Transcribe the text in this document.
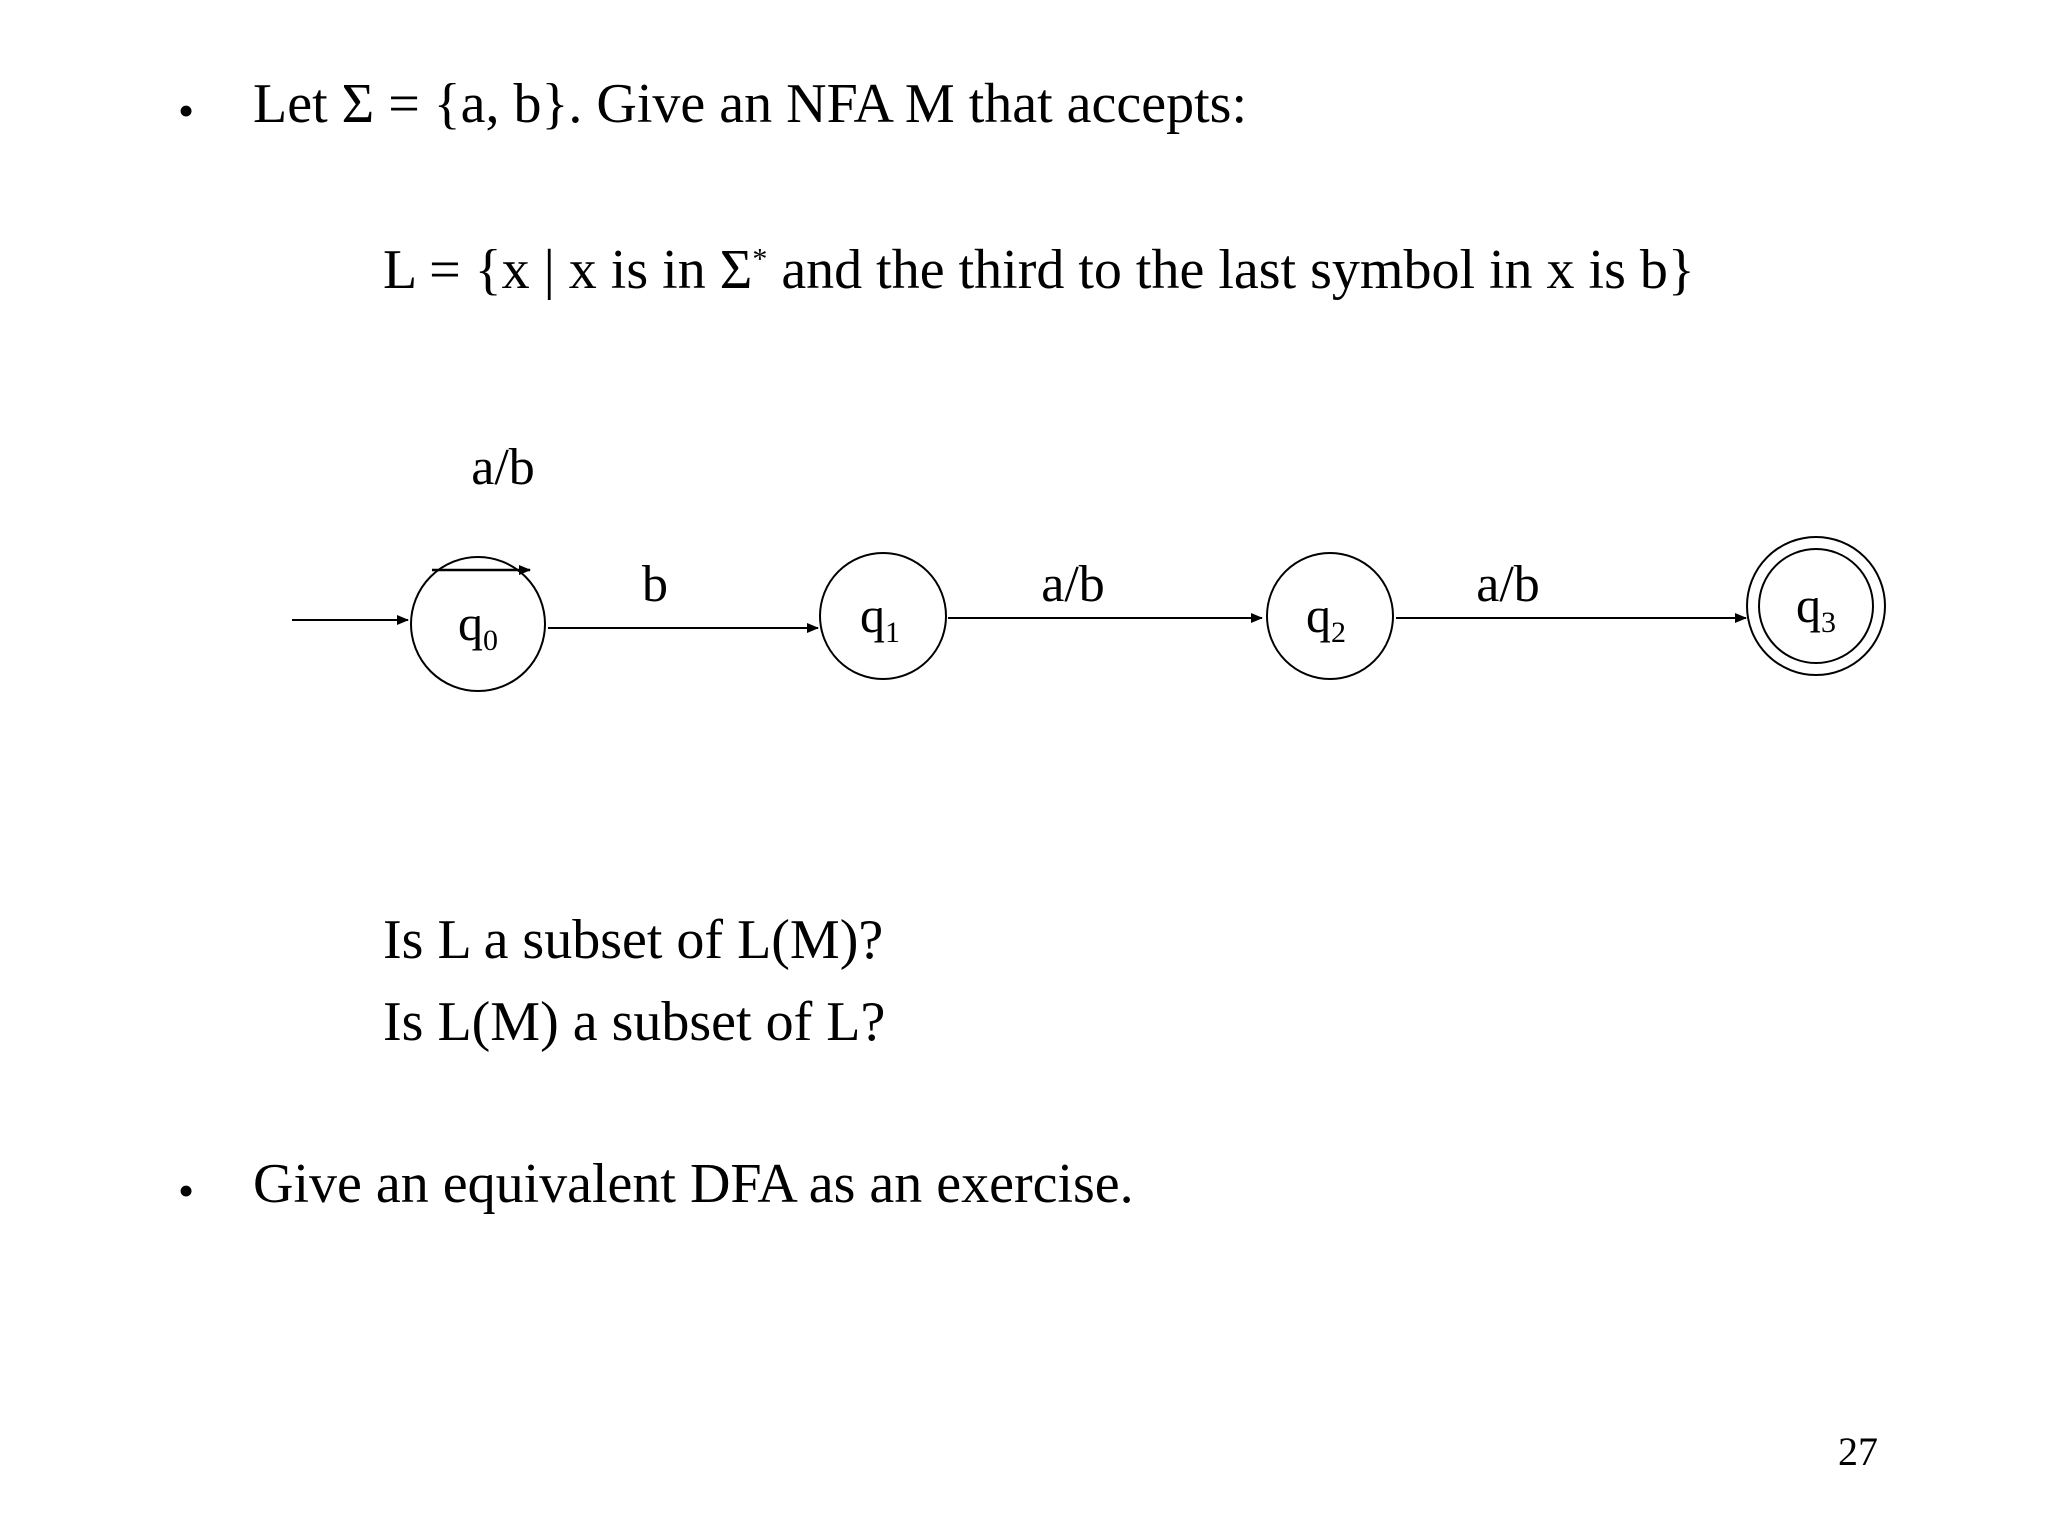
• Let Σ = {a, b}. Give an NFA M that accepts:
L = {x | x is in Σ* and the third to the last symbol in x is b}
a/b
b	a/b	a/b
$q_0$	$q_1$	$q_2$	$q_3$
Is L a subset of L(M)?
Is L(M) a subset of L?
• Give an equivalent DFA as an exercise.
27
